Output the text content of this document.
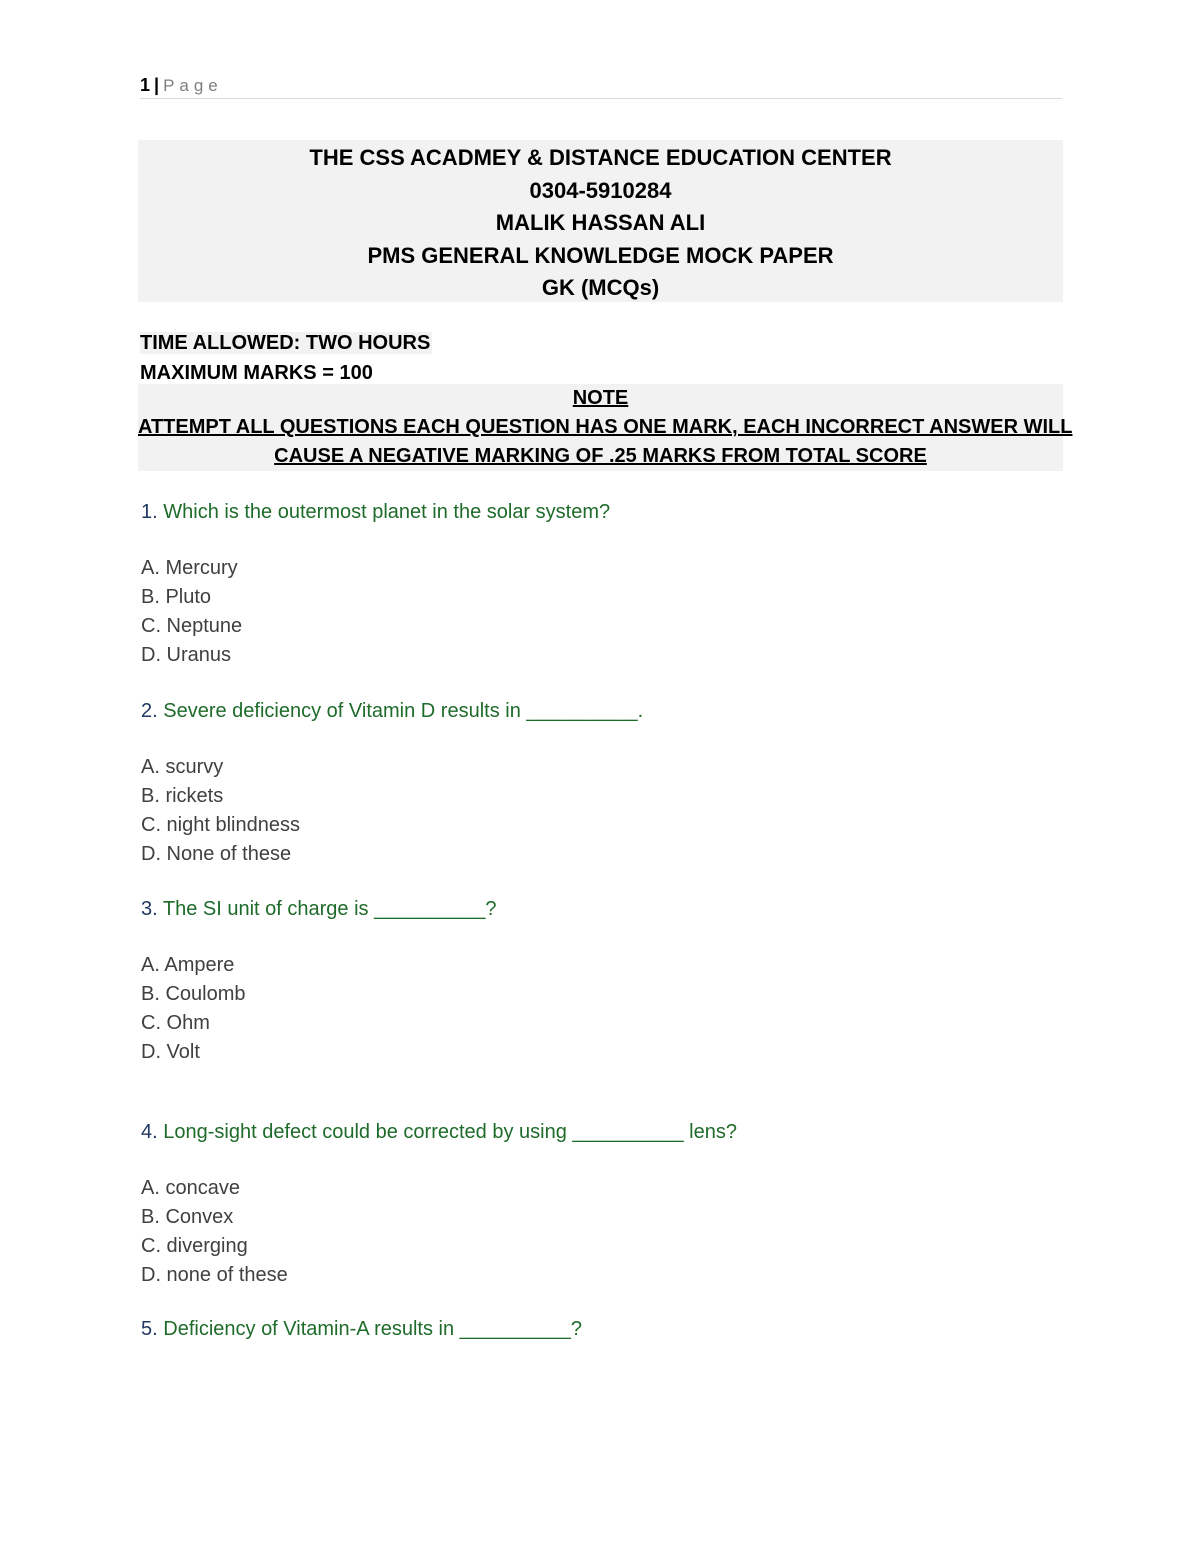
1 | Page
THE CSS ACADMEY & DISTANCE EDUCATION CENTER
0304-5910284
MALIK HASSAN ALI
PMS GENERAL KNOWLEDGE MOCK PAPER
GK (MCQs)
TIME ALLOWED: TWO HOURS
MAXIMUM MARKS = 100
NOTE
ATTEMPT ALL QUESTIONS EACH QUESTION HAS ONE MARK, EACH INCORRECT ANSWER WILL
CAUSE A NEGATIVE MARKING OF .25 MARKS FROM TOTAL SCORE
1. Which is the outermost planet in the solar system?
A. Mercury
B. Pluto
C. Neptune
D. Uranus
2. Severe deficiency of Vitamin D results in __________.
A. scurvy
B. rickets
C. night blindness
D. None of these
3. The SI unit of charge is __________?
A. Ampere
B. Coulomb
C. Ohm
D. Volt
4. Long-sight defect could be corrected by using __________ lens?
A. concave
B. Convex
C. diverging
D. none of these
5. Deficiency of Vitamin-A results in __________?
